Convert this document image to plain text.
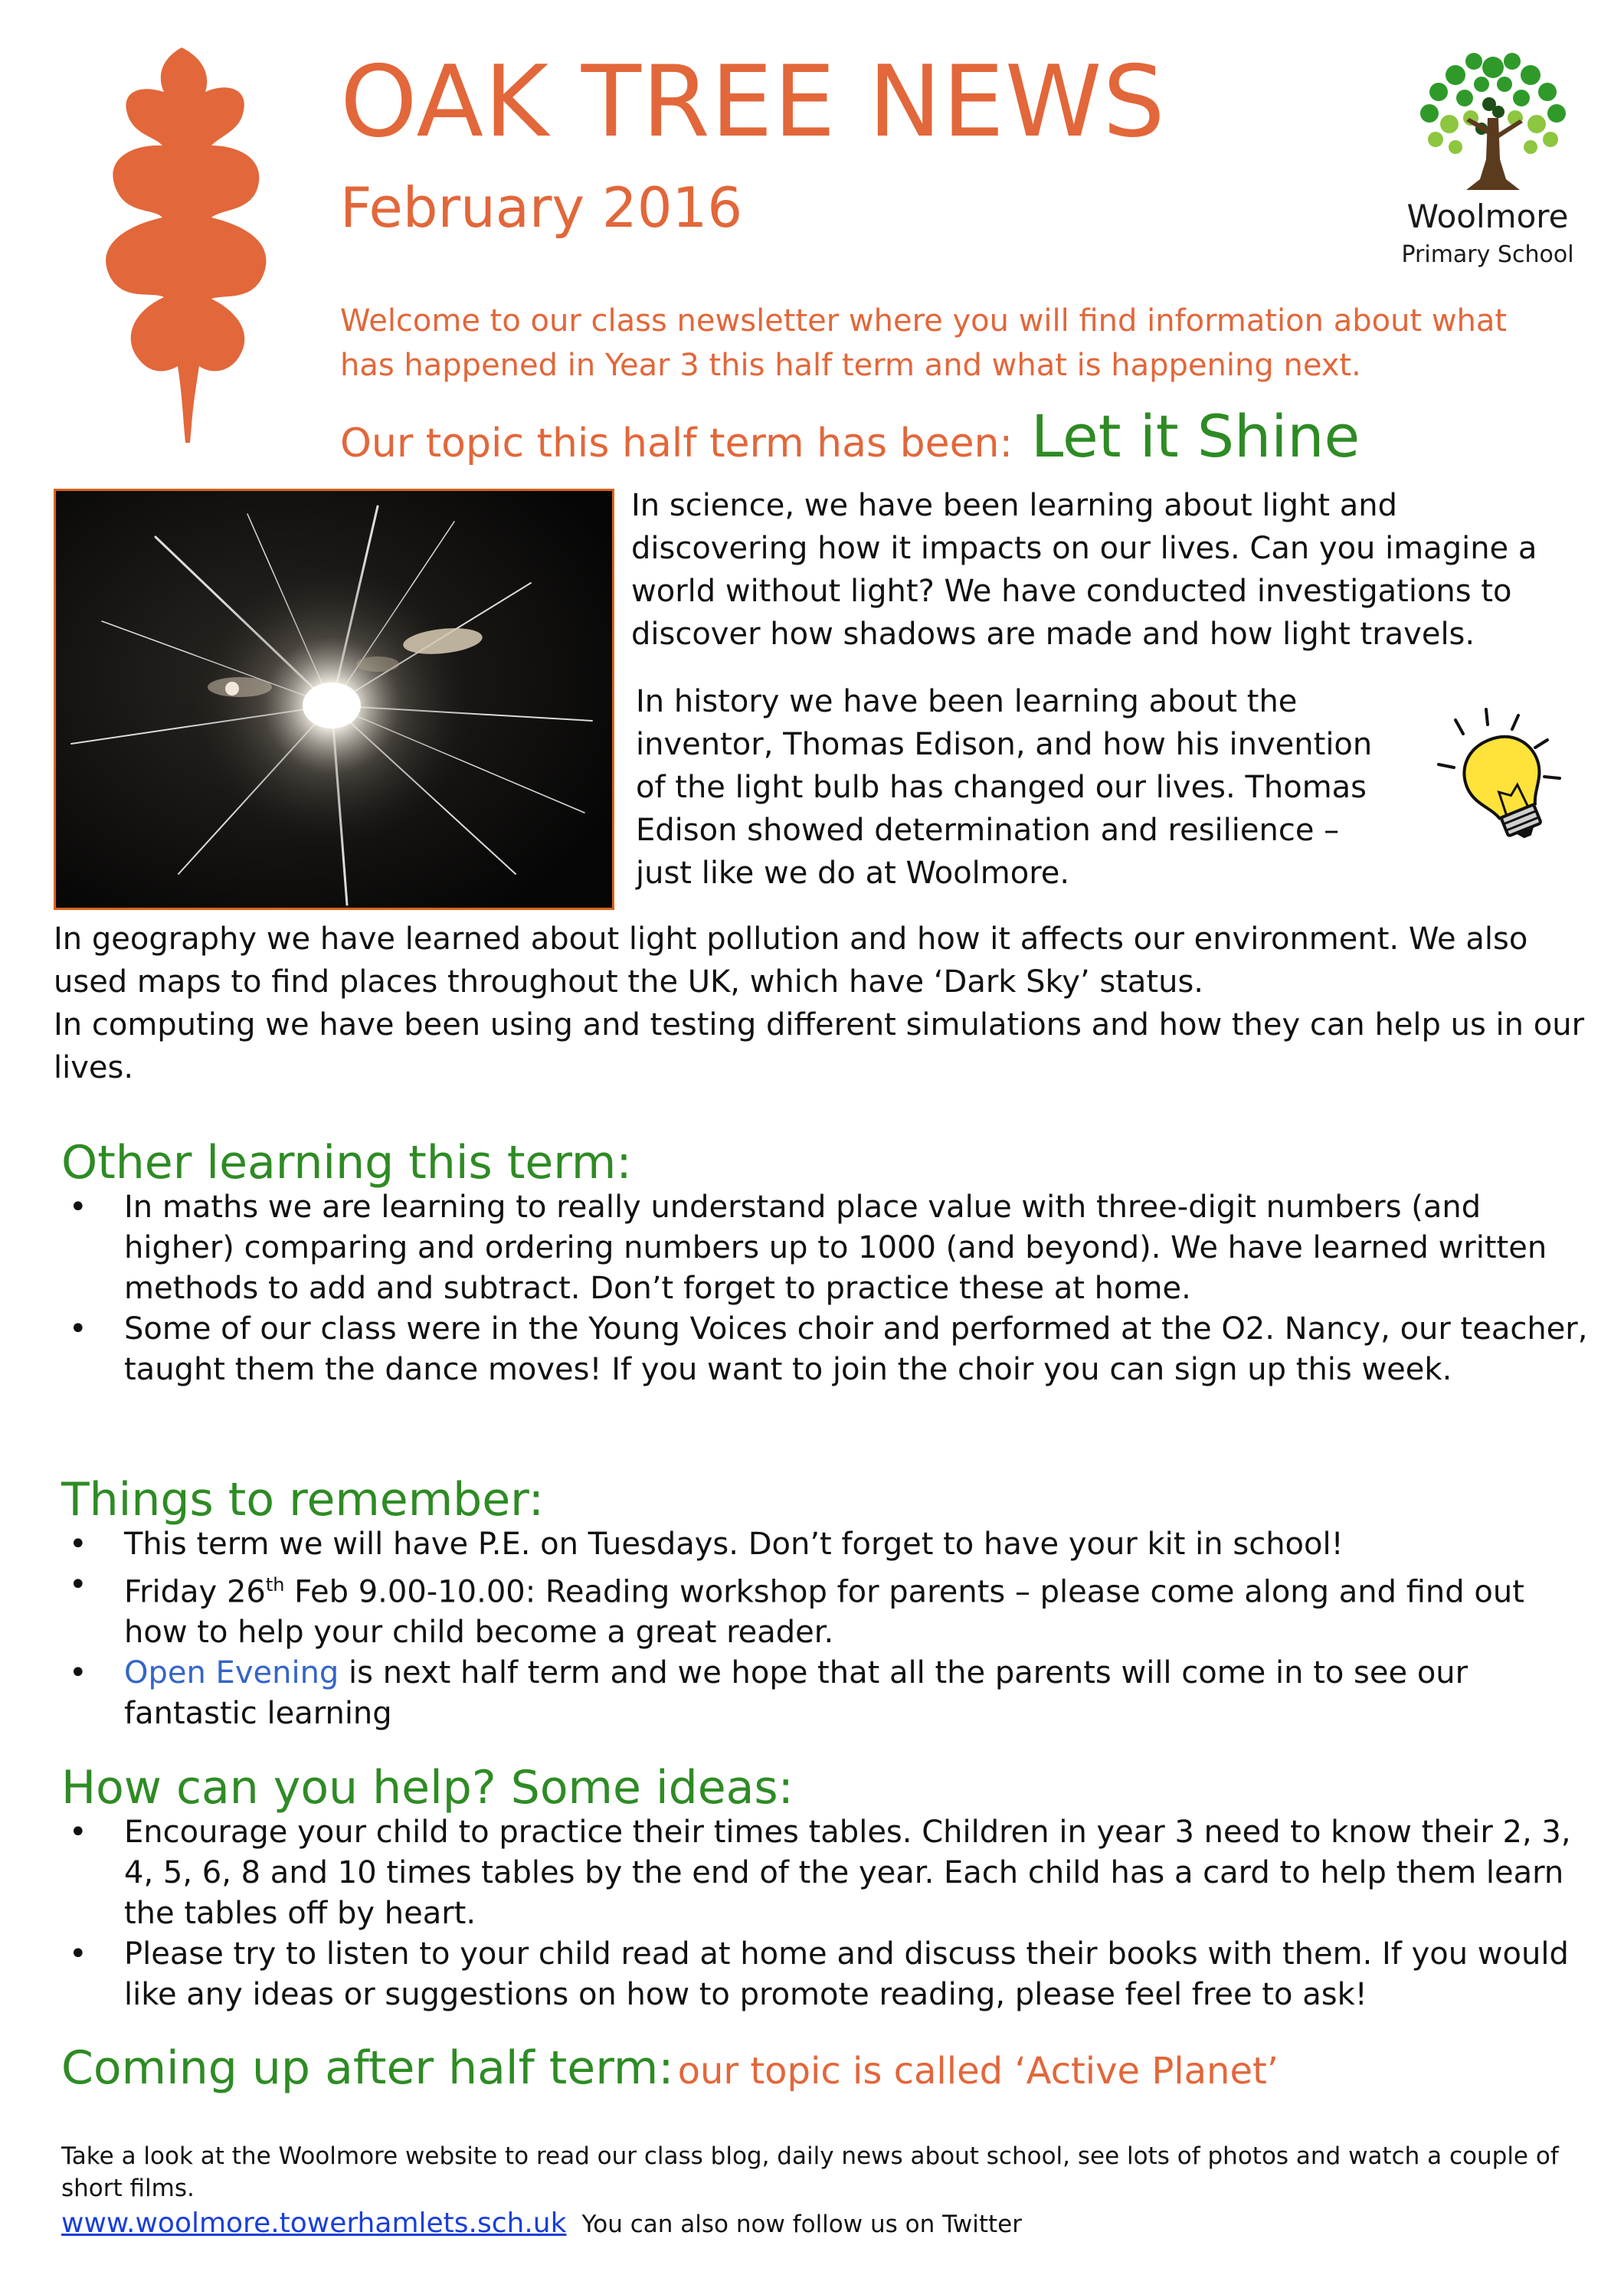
OAK TREE NEWS
February 2016	Woolmore
Primary School
Welcome to our class newsletter where you will find information about what has happened in Year 3 this half term and what is happening next.
Our topic this half term has been: Let it Shine
In science, we have been learning about light and discovering how it impacts on our lives. Can you imagine a world without light? We have conducted investigations to discover how shadows are made and how light travels.
In history we have been learning about the inventor, Thomas Edison, and how his invention of the light bulb has changed our lives. Thomas Edison showed determination and resilience – just like we do at Woolmore.
In geography we have learned about light pollution and how it affects our environment. We also used maps to find places throughout the UK, which have ‘Dark Sky’ status.
In computing we have been using and testing different simulations and how they can help us in our lives.
Other learning this term:
• In maths we are learning to really understand place value with three-digit numbers (and higher) comparing and ordering numbers up to 1000 (and beyond). We have learned written methods to add and subtract. Don’t forget to practice these at home.
• Some of our class were in the Young Voices choir and performed at the O2. Nancy, our teacher, taught them the dance moves! If you want to join the choir you can sign up this week.
Things to remember:
• This term we will have P.E. on Tuesdays. Don’t forget to have your kit in school!
• Friday 26th Feb 9.00-10.00: Reading workshop for parents – please come along and find out how to help your child become a great reader.
• Open Evening is next half term and we hope that all the parents will come in to see our fantastic learning
How can you help? Some ideas:
• Encourage your child to practice their times tables. Children in year 3 need to know their 2, 3, 4, 5, 6, 8 and 10 times tables by the end of the year. Each child has a card to help them learn the tables off by heart.
• Please try to listen to your child read at home and discuss their books with them. If you would like any ideas or suggestions on how to promote reading, please feel free to ask!
Coming up after half term: our topic is called ‘Active Planet’
Take a look at the Woolmore website to read our class blog, daily news about school, see lots of photos and watch a couple of short films.
www.woolmore.towerhamlets.sch.uk You can also now follow us on Twitter
